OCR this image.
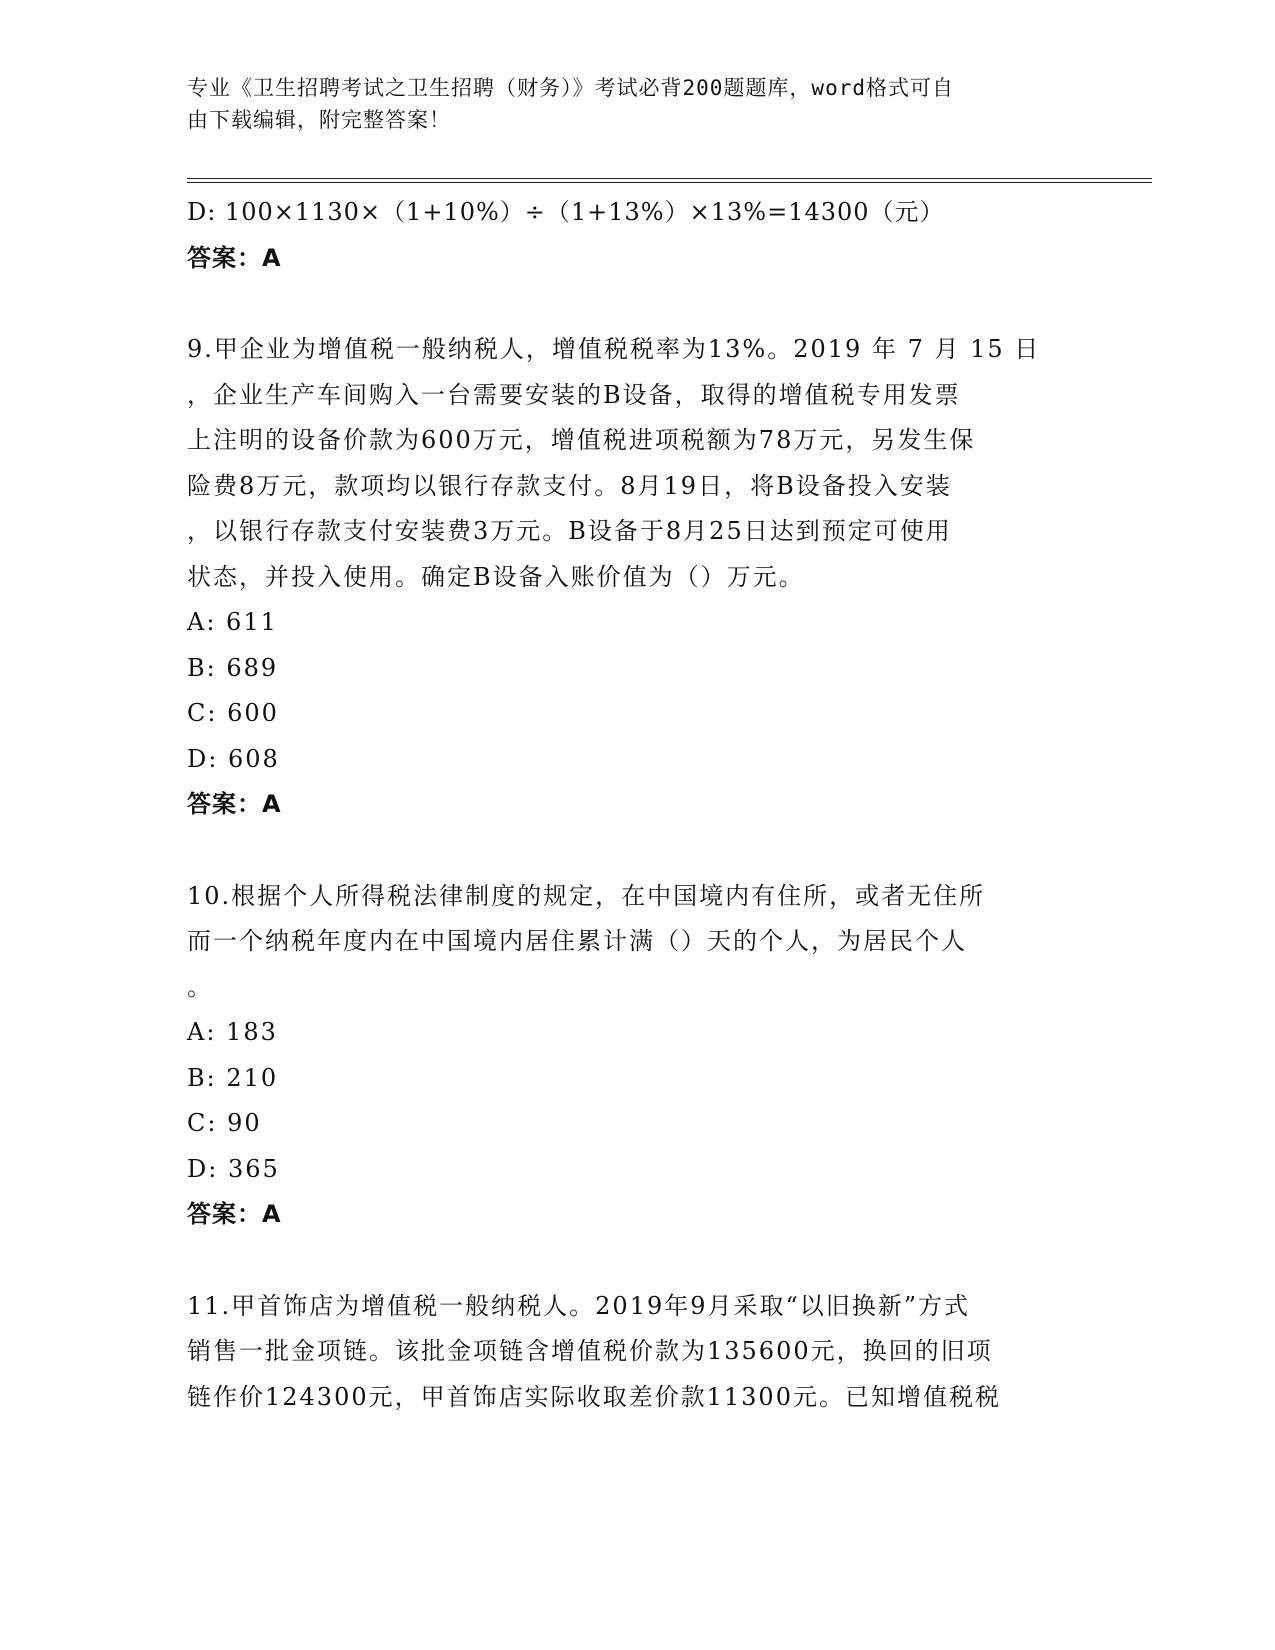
专业《卫生招聘考试之卫生招聘（财务）》考试必背200题题库，word格式可自
由下载编辑，附完整答案！
D: 100×1130×（1+10%）÷（1+13%）×13%=14300（元）
答案：A
9.甲企业为增值税一般纳税人，增值税税率为13%。2019 年 7 月 15 日
，企业生产车间购入一台需要安装的B设备，取得的增值税专用发票
上注明的设备价款为600万元，增值税进项税额为78万元，另发生保
险费8万元，款项均以银行存款支付。8月19日，将B设备投入安装
，以银行存款支付安装费3万元。B设备于8月25日达到预定可使用
状态，并投入使用。确定B设备入账价值为（）万元。
A: 611
B: 689
C: 600
D: 608
答案：A
10.根据个人所得税法律制度的规定，在中国境内有住所，或者无住所
而一个纳税年度内在中国境内居住累计满（）天的个人，为居民个人
。
A: 183
B: 210
C: 90
D: 365
答案：A
11.甲首饰店为增值税一般纳税人。2019年9月采取“以旧换新”方式
销售一批金项链。该批金项链含增值税价款为135600元，换回的旧项
链作价124300元，甲首饰店实际收取差价款11300元。已知增值税税
